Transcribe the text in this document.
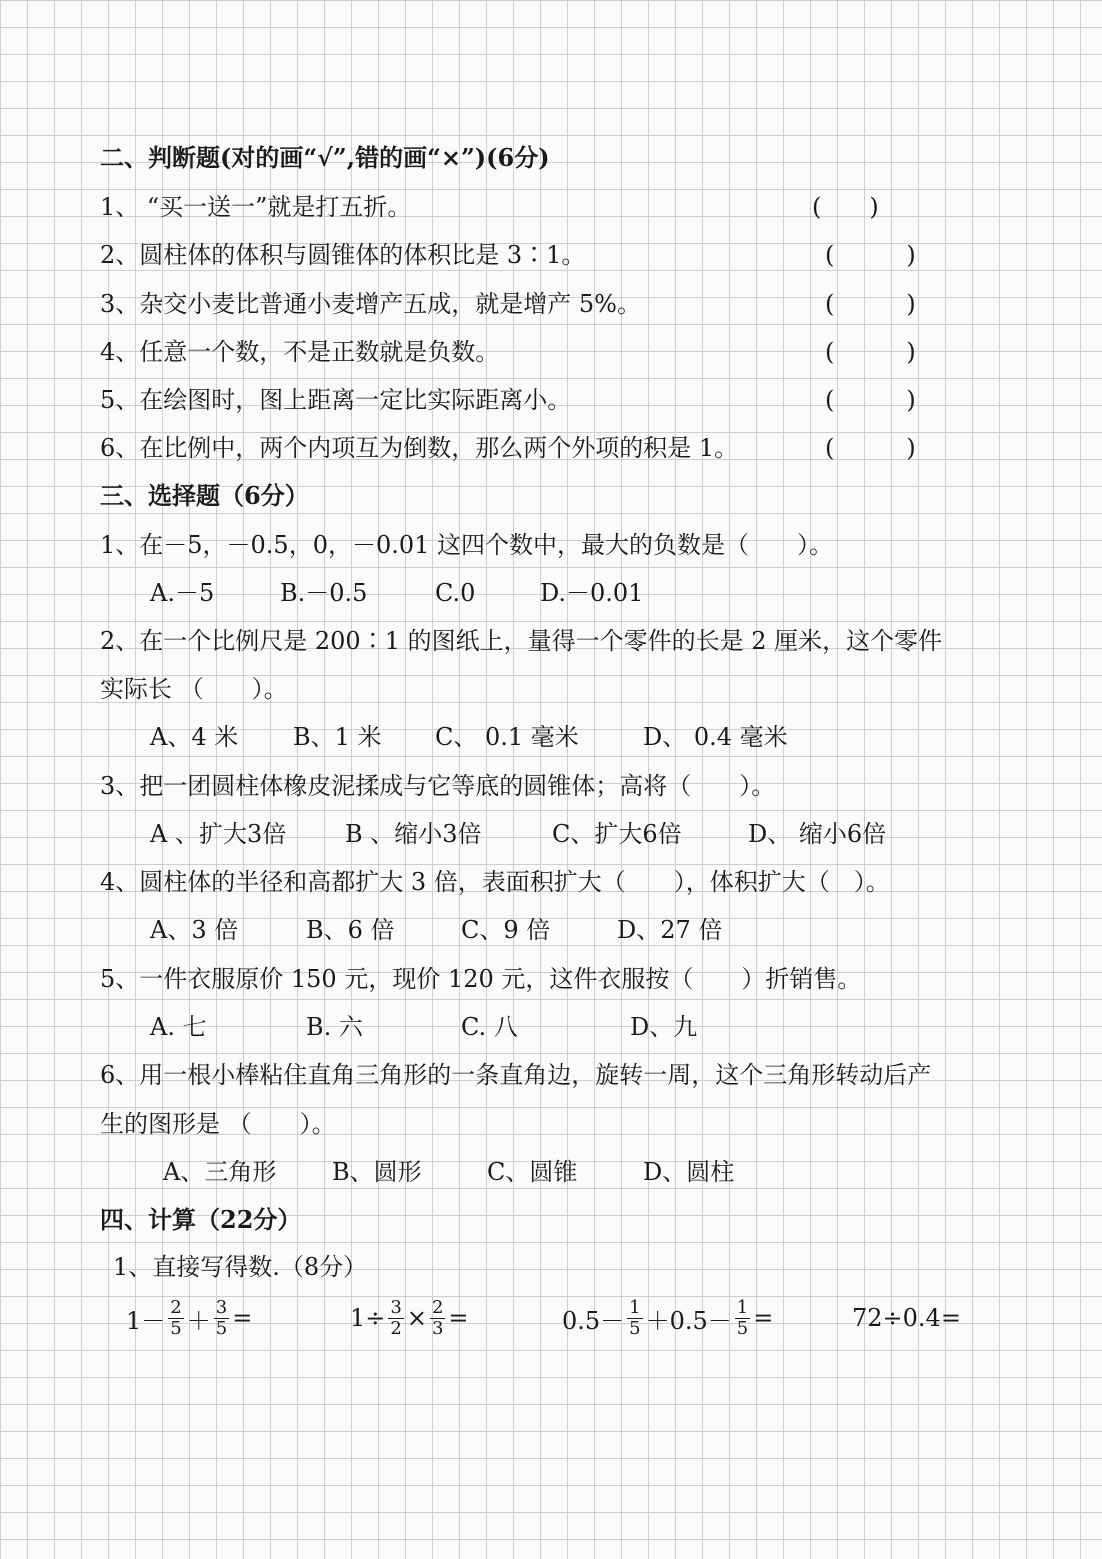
二、判断题(对的画“√”,错的画“×”)(6分)
1、 “买一送一”就是打五折。	(　　)
2、圆柱体的体积与圆锥体的体积比是 3∶1。	(　　　)
3、杂交小麦比普通小麦增产五成，就是增产 5%。	(　　　)
4、任意一个数，不是正数就是负数。	(　　　)
5、在绘图时，图上距离一定比实际距离小。	(　　　)
6、在比例中，两个内项互为倒数，那么两个外项的积是 1。	(　　　)
三、选择题（6分）
1、在－5，－0.5，0，－0.01 这四个数中，最大的负数是（　　）。
A.－5	B.－0.5	C.0	D.－0.01
2、在一个比例尺是 200∶1 的图纸上，量得一个零件的长是 2 厘米，这个零件
实际长 （　　）。
A、4 米 B、1 米 C、 0.1 毫米	D、 0.4 毫米
3、把一团圆柱体橡皮泥揉成与它等底的圆锥体；高将（　　）。
A 、扩大3倍 B 、缩小3倍	C、扩大6倍	D、 缩小6倍
4、圆柱体的半径和高都扩大 3 倍，表面积扩大（　　），体积扩大（　）。
A、3 倍	B、6 倍	C、9 倍	D、27 倍
5、一件衣服原价 150 元，现价 120 元，这件衣服按（　　）折销售。
A. 七	B. 六	C. 八	D、九
6、用一根小棒粘住直角三角形的一条直角边，旋转一周，这个三角形转动后产
生的图形是 （　　）。
A、三角形 B、圆形	C、圆锥	D、圆柱
四、计算（22分）
1、直接写得数.（8分）
$1- \frac{2}{5} + \frac{3}{5}$ =	$1\div \frac{3}{2} \times \frac{2}{3}$ =	$0.5- \frac{1}{5} +0.5- \frac{1}{5}$ =	72÷0.4=
